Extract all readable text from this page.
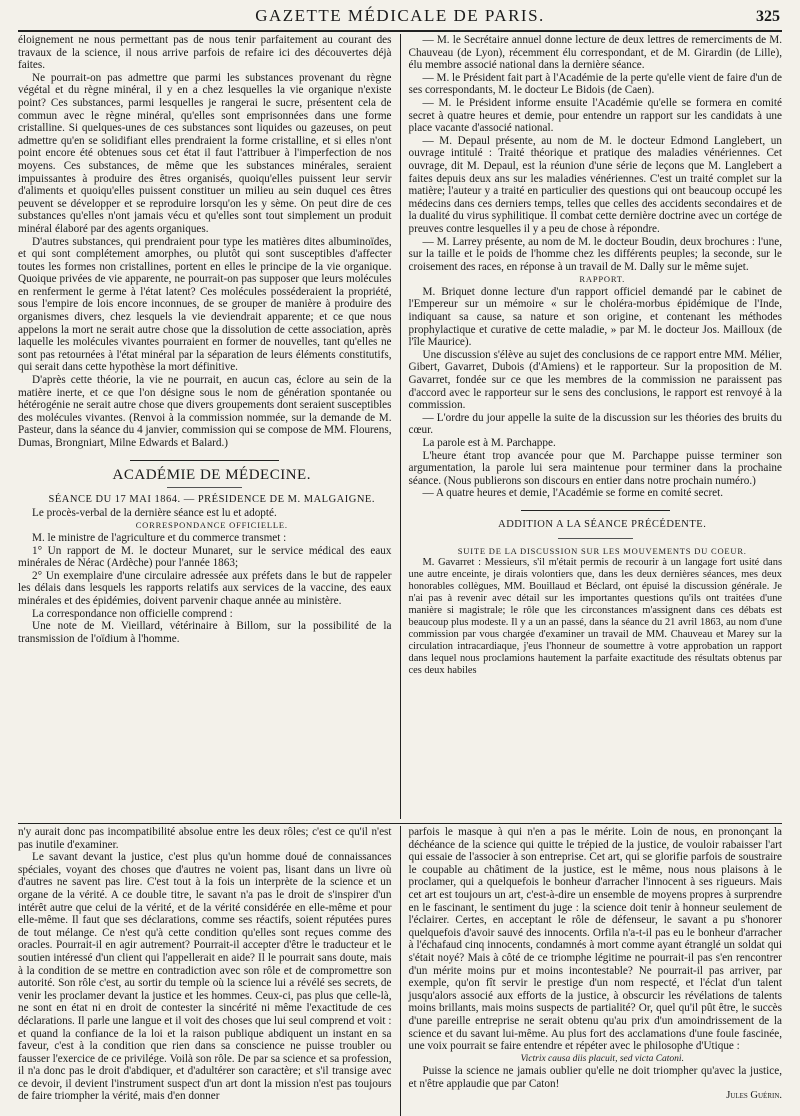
GAZETTE MÉDICALE DE PARIS.	325

éloignement ne nous permettant pas de nous tenir parfaitement au courant des travaux de la science, il nous arrive parfois de refaire ici des découvertes déjà faites.

Ne pourrait-on pas admettre que parmi les substances provenant du règne végétal et du règne minéral, il y en a chez lesquelles la vie organique n'existe point? Ces substances, parmi lesquelles je rangerai le sucre, présentent cela de commun avec le règne minéral, qu'elles sont emprisonnées dans une forme cristalline. Si quelques-unes de ces substances sont liquides ou gazeuses, on peut admettre qu'en se solidifiant elles prendraient la forme cristalline, et si elles n'ont point encore été obtenues sous cet état il faut l'attribuer à l'imperfection de nos moyens. Ces substances, de même que les substances minérales, seraient impuissantes à produire des êtres organisés, quoiqu'elles puissent leur servir d'aliments et quoiqu'elles puissent constituer un milieu au sein duquel ces êtres peuvent se développer et se reproduire lorsqu'on les y sème. On peut dire de ces substances qu'elles n'ont jamais vécu et qu'elles sont tout simplement un produit minéral élaboré par des agents organiques.

D'autres substances, qui prendraient pour type les matières dites albuminoïdes, et qui sont complétement amorphes, ou plutôt qui sont susceptibles d'affecter toutes les formes non cristallines, portent en elles le principe de la vie organique. Quoique privées de vie apparente, ne pourrait-on pas supposer que leurs molécules en renferment le germe à l'état latent? Ces molécules posséderaient la propriété, sous l'empire de lois encore inconnues, de se grouper de manière à produire des organismes divers, chez lesquels la vie deviendrait apparente; et ce que nous appelons la mort ne serait autre chose que la dissolution de cette association, après laquelle les molécules vivantes pourraient en former de nouvelles, tant qu'elles ne sont pas retournées à l'état minéral par la séparation de leurs éléments constitutifs, qui serait dans cette hypothèse la mort définitive.

D'après cette théorie, la vie ne pourrait, en aucun cas, éclore au sein de la matière inerte, et ce que l'on désigne sous le nom de génération spontanée ou hétérogénie ne serait autre chose que divers groupements dont seraient susceptibles des molécules vivantes. (Renvoi à la commission nommée, sur la demande de M. Pasteur, dans la séance du 4 janvier, commission qui se compose de MM. Flourens, Dumas, Brongniart, Milne Edwards et Balard.)

ACADÉMIE DE MÉDECINE.

SÉANCE DU 17 MAI 1864. — PRÉSIDENCE DE M. MALGAIGNE.

Le procès-verbal de la dernière séance est lu et adopté.

CORRESPONDANCE OFFICIELLE.

M. le ministre de l'agriculture et du commerce transmet :

1° Un rapport de M. le docteur Munaret, sur le service médical des eaux minérales de Nérac (Ardèche) pour l'année 1863;

2° Un exemplaire d'une circulaire adressée aux préfets dans le but de rappeler les délais dans lesquels les rapports relatifs aux services de la vaccine, des eaux minérales et des épidémies, doivent parvenir chaque année au ministère.

La correspondance non officielle comprend :

Une note de M. Vieillard, vétérinaire à Billom, sur la possibilité de la transmission de l'oïdium à l'homme.

— M. le Secrétaire annuel donne lecture de deux lettres de remerciments de M. Chauveau (de Lyon), récemment élu correspondant, et de M. Girardin (de Lille), élu membre associé national dans la dernière séance.

— M. le Président fait part à l'Académie de la perte qu'elle vient de faire d'un de ses correspondants, M. le docteur Le Bidois (de Caen).

— M. le Président informe ensuite l'Académie qu'elle se formera en comité secret à quatre heures et demie, pour entendre un rapport sur les candidats à une place vacante d'associé national.

— M. Depaul présente, au nom de M. le docteur Edmond Langlebert, un ouvrage intitulé : Traité théorique et pratique des maladies vénériennes. Cet ouvrage, dit M. Depaul, est la réunion d'une série de leçons que M. Langlebert a faites depuis deux ans sur les maladies vénériennes. C'est un traité complet sur la matière; l'auteur y a traité en particulier des questions qui ont beaucoup occupé les médecins dans ces derniers temps, telles que celles des accidents secondaires et de la dualité du virus syphilitique. Il combat cette dernière doctrine avec un cortége de preuves contre lesquelles il y a peu de chose à répondre.

— M. Larrey présente, au nom de M. le docteur Boudin, deux brochures : l'une, sur la taille et le poids de l'homme chez les différents peuples; la seconde, sur le croisement des races, en réponse à un travail de M. Dally sur le même sujet.

RAPPORT.

M. Briquet donne lecture d'un rapport officiel demandé par le cabinet de l'Empereur sur un mémoire « sur le choléra-morbus épidémique de l'Inde, indiquant sa cause, sa nature et son origine, et contenant les méthodes prophylactique et curative de cette maladie, » par M. le docteur Jos. Mailloux (de l'île Maurice).

Une discussion s'élève au sujet des conclusions de ce rapport entre MM. Mélier, Gibert, Gavarret, Dubois (d'Amiens) et le rapporteur. Sur la proposition de M. Gavarret, fondée sur ce que les membres de la commission ne paraissent pas d'accord avec le rapporteur sur le sens des conclusions, le rapport est renvoyé à la commission.

— L'ordre du jour appelle la suite de la discussion sur les théories des bruits du cœur.

La parole est à M. Parchappe.

L'heure étant trop avancée pour que M. Parchappe puisse terminer son argumentation, la parole lui sera maintenue pour terminer dans la prochaine séance. (Nous publierons son discours en entier dans notre prochain numéro.)

— A quatre heures et demie, l'Académie se forme en comité secret.

ADDITION A LA SÉANCE PRÉCÉDENTE.

SUITE DE LA DISCUSSION SUR LES MOUVEMENTS DU COEUR.

M. Gavarret : Messieurs, s'il m'était permis de recourir à un langage fort usité dans une autre enceinte, je dirais volontiers que, dans les deux dernières séances, mes deux honorables collègues, MM. Bouillaud et Béclard, ont épuisé la discussion générale. Je n'ai pas à revenir avec détail sur les importantes questions qu'ils ont traitées d'une manière si magistrale; le rôle que les circonstances m'assignent dans ces débats est beaucoup plus modeste. Il y a un an passé, dans la séance du 21 avril 1863, au nom d'une commission par vous chargée d'examiner un travail de MM. Chauveau et Marey sur la circulation intracardiaque, j'eus l'honneur de soumettre à votre approbation un rapport dans lequel nous proclamions hautement la parfaite exactitude des résultats obtenus par ces deux habiles

n'y aurait donc pas incompatibilité absolue entre les deux rôles; c'est ce qu'il n'est pas inutile d'examiner.

Le savant devant la justice, c'est plus qu'un homme doué de connaissances spéciales, voyant des choses que d'autres ne voient pas, lisant dans un livre où d'autres ne savent pas lire. C'est tout à la fois un interprète de la science et un organe de la vérité. A ce double titre, le savant n'a pas le droit de s'inspirer d'un intérêt autre que celui de la vérité, et de la vérité considérée en elle-même et pour elle-même. Il faut que ses déclarations, comme ses réactifs, soient réputées pures de tout mélange. Ce n'est qu'à cette condition qu'elles sont reçues comme des oracles. Pourrait-il en agir autrement? Pourrait-il accepter d'être le traducteur et le soutien intéressé d'un client qui l'appellerait en aide? Il le pourrait sans doute, mais à la condition de se mettre en contradiction avec son rôle et de compromettre son autorité. Son rôle c'est, au sortir du temple où la science lui a révélé ses secrets, de venir les proclamer devant la justice et les hommes. Ceux-ci, pas plus que celle-là, ne sont en état ni en droit de contester la sincérité ni même l'exactitude de ces déclarations. Il parle une langue et il voit des choses que lui seul comprend et voit : et quand la confiance de la loi et la raison publique abdiquent un instant en sa faveur, c'est à la condition que rien dans sa conscience ne puisse troubler ou fausser l'exercice de ce privilége. Voilà son rôle. De par sa science et sa profession, il n'a donc pas le droit d'abdiquer, et d'adultérer son caractère; et s'il transige avec ce devoir, il devient l'instrument suspect d'un art dont la mission n'est pas toujours de faire triompher la vérité, mais d'en donner

parfois le masque à qui n'en a pas le mérite. Loin de nous, en prononçant la déchéance de la science qui quitte le trépied de la justice, de vouloir rabaisser l'art qui essaie de l'associer à son entreprise. Cet art, qui se glorifie parfois de soustraire le coupable au châtiment de la justice, est le même, nous nous plaisons à le proclamer, qui a quelquefois le bonheur d'arracher l'innocent à ses rigueurs. Mais cet art est toujours un art, c'est-à-dire un ensemble de moyens propres à surprendre en le fascinant, le sentiment du juge : la science doit tenir à honneur seulement de l'éclairer. Certes, en acceptant le rôle de défenseur, le savant a pu s'honorer quelquefois d'avoir sauvé des innocents. Orfila n'a-t-il pas eu le bonheur d'arracher à l'échafaud cinq innocents, condamnés à mort comme ayant étranglé un soldat qui s'était noyé? Mais à côté de ce triomphe légitime ne pourrait-il pas s'en rencontrer d'un mérite moins pur et moins incontestable? Ne pourrait-il pas arriver, par exemple, qu'on fît servir le prestige d'un nom respecté, et l'éclat d'un talent jusqu'alors associé aux efforts de la justice, à obscurcir les révélations de talents moins brillants, mais moins suspects de partialité? Or, quel qu'il pût être, le succès d'une pareille entreprise ne serait obtenu qu'au prix d'un amoindrissement de la science et du savant lui-même. Au plus fort des acclamations d'une foule fascinée, une voix pourrait se faire entendre et répéter avec le philosophe d'Utique :

Victrix causa diis placuit, sed victa Catoni.

Puisse la science ne jamais oublier qu'elle ne doit triompher qu'avec la justice, et n'être applaudie que par Caton!

Jules Guérin.
